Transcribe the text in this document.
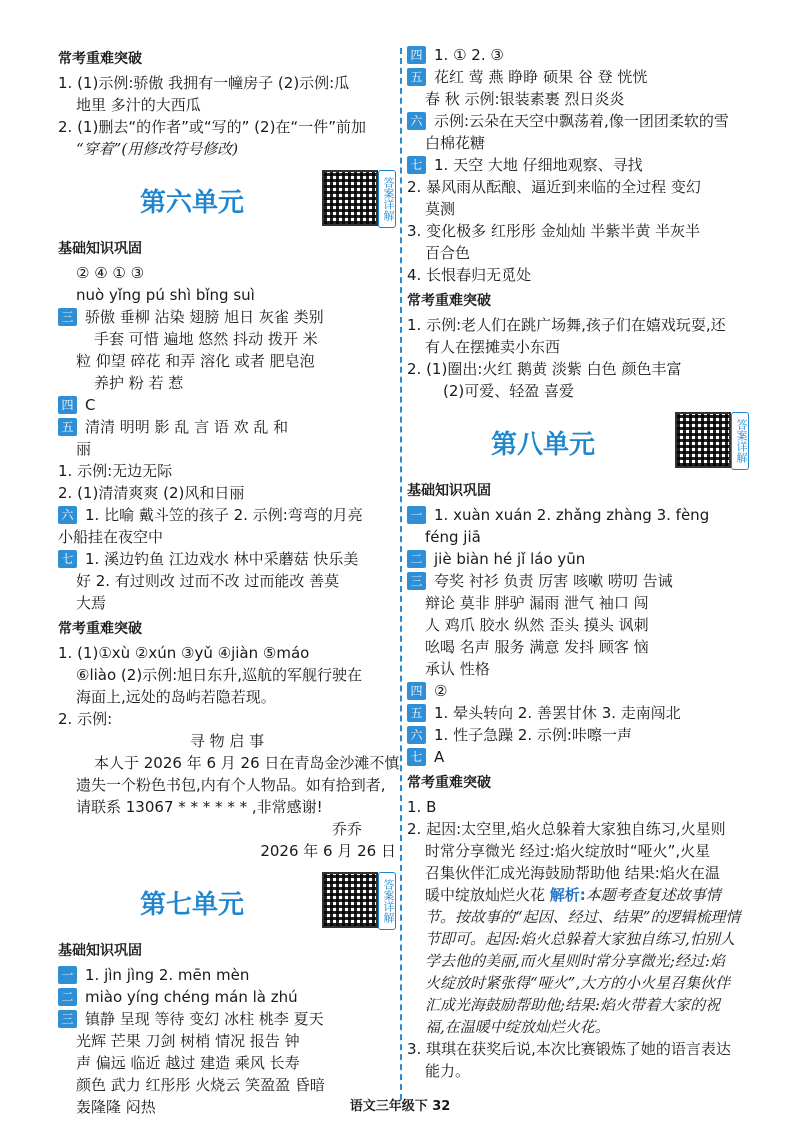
常考重难突破
1. (1)示例:骄傲 我拥有一幢房子 (2)示例:瓜
地里 多汁的大西瓜
2. (1)删去“的作者”或“写的” (2)在“一件”前加
“穿着”(用修改符号修改)
第六单元	答案详解
基础知识巩固
② ④ ① ③
nuò yǐng pú shì bǐng suì
三 骄傲 垂柳 沾染 翅膀 旭日 灰雀 类别
手套 可惜 遍地 悠然 抖动 拨开 米
粒 仰望 碎花 和弄 溶化 或者 肥皂泡
养护 粉 若 惹
四 C
五 清清 明明 影 乱 言 语 欢 乱 和
丽
1. 示例:无边无际
2. (1)清清爽爽 (2)风和日丽
六 1. 比喻 戴斗笠的孩子 2. 示例:弯弯的月亮
小船挂在夜空中
七 1. 溪边钓鱼 江边戏水 林中采蘑菇 快乐美
好 2. 有过则改 过而不改 过而能改 善莫
大焉
常考重难突破
1. (1)①xù ②xún ③yǔ ④jiàn ⑤máo
⑥liào (2)示例:旭日东升,巡航的军舰行驶在
海面上,远处的岛屿若隐若现。
2. 示例:
寻 物 启 事
本人于 2026 年 6 月 26 日在青岛金沙滩不慎
遗失一个粉色书包,内有个人物品。如有拾到者,
请联系 13067 * * * * * * ,非常感谢!
乔乔
2026 年 6 月 26 日
第七单元	答案详解
基础知识巩固
一 1. jìn jìng 2. mēn mèn
二 miào yíng chéng mán là zhú
三 镇静 呈现 等待 变幻 冰柱 桃李 夏天
光辉 芒果 刀剑 树梢 情况 报告 钟
声 偏远 临近 越过 建造 乘风 长寿
颜色 武力 红彤彤 火烧云 笑盈盈 昏暗
轰隆隆 闷热
四 1. ① 2. ③
五 花红 莺 燕 睁睁 硕果 谷 登 恍恍
春 秋 示例:银装素裹 烈日炎炎
六 示例:云朵在天空中飘荡着,像一团团柔软的雪
白棉花糖
七 1. 天空 大地 仔细地观察、寻找
2. 暴风雨从酝酿、逼近到来临的全过程 变幻
莫测
3. 变化极多 红彤彤 金灿灿 半紫半黄 半灰半
百合色
4. 长恨春归无觅处
常考重难突破
1. 示例:老人们在跳广场舞,孩子们在嬉戏玩耍,还
有人在摆摊卖小东西
2. (1)圈出:火红 鹅黄 淡紫 白色 颜色丰富
(2)可爱、轻盈 喜爱
第八单元	答案详解
基础知识巩固
一 1. xuàn xuán 2. zhǎng zhàng 3. fèng
féng jiā
二 jiè biàn hé jǐ láo yūn
三 夸奖 衬衫 负责 厉害 咳嗽 唠叨 告诫
辩论 莫非 胖驴 漏雨 泄气 袖口 闯
人 鸡爪 胶水 纵然 歪头 摸头 讽刺
吆喝 名声 服务 满意 发抖 顾客 恼
承认 性格
四 ②
五 1. 晕头转向 2. 善罢甘休 3. 走南闯北
六 1. 性子急躁 2. 示例:咔嚓一声
七 A
常考重难突破
1. B
2. 起因:太空里,焰火总躲着大家独自练习,火星则
时常分享微光 经过:焰火绽放时“哑火”,火星
召集伙伴汇成光海鼓励帮助他 结果:焰火在温
暖中绽放灿烂火花 解析:本题考查复述故事情
节。按故事的“起因、经过、结果”的逻辑梳理情
节即可。起因:焰火总躲着大家独自练习,怕别人
学去他的美丽,而火星则时常分享微光;经过:焰
火绽放时紧张得“哑火”,大方的小火星召集伙伴
汇成光海鼓励帮助他;结果:焰火带着大家的祝
福,在温暖中绽放灿烂火花。
3. 琪琪在获奖后说,本次比赛锻炼了她的语言表达
能力。
语文三年级下 32
